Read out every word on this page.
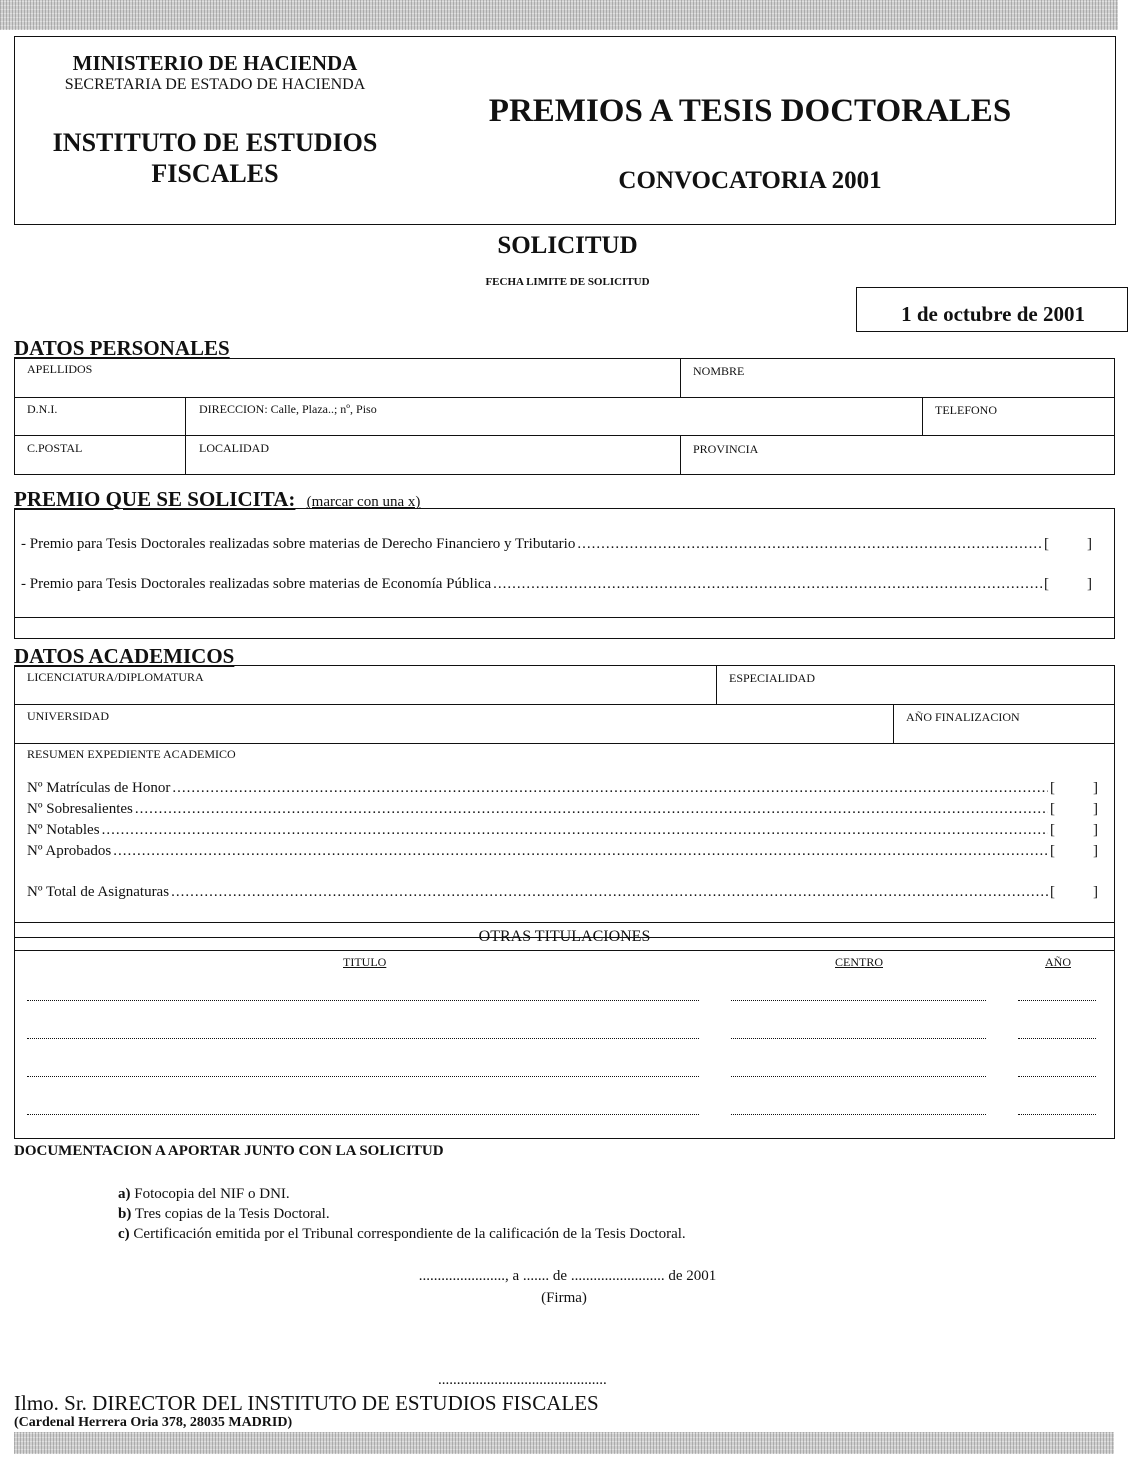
MINISTERIO DE HACIENDA
SECRETARIA DE ESTADO DE HACIENDA
INSTITUTO DE ESTUDIOS
FISCALES
PREMIOS A TESIS DOCTORALES
CONVOCATORIA 2001
SOLICITUD
FECHA LIMITE DE SOLICITUD
1 de octubre de 2001
DATOS PERSONALES
APELLIDOS	NOMBRE
D.N.I.	DIRECCION: Calle, Plaza..; nº, Piso	TELEFONO
C.POSTAL	LOCALIDAD	PROVINCIA
PREMIO QUE SE SOLICITA: (marcar con una x)
- Premio para Tesis Doctorales realizadas sobre materias de Derecho Financiero y Tributario .....	[	]
- Premio para Tesis Doctorales realizadas sobre materias de Economía Pública .....	[	]
DATOS ACADEMICOS
LICENCIATURA/DIPLOMATURA	ESPECIALIDAD
UNIVERSIDAD	AÑO FINALIZACION
RESUMEN EXPEDIENTE ACADEMICO
Nº Matrículas de Honor .....	[	]
Nº Sobresalientes .....	[	]
Nº Notables .....	[	]
Nº Aprobados .....	[	]
Nº Total de Asignaturas .....	[	]
OTRAS TITULACIONES
TITULO	CENTRO	AÑO
DOCUMENTACION A APORTAR JUNTO CON LA SOLICITUD
a) Fotocopia del NIF o DNI.
b) Tres copias de la Tesis Doctoral.
c) Certificación emitida por el Tribunal correspondiente de la calificación de la Tesis Doctoral.
......................., a ....... de ......................... de 2001
(Firma)
.............................................
Ilmo. Sr. DIRECTOR DEL INSTITUTO DE ESTUDIOS FISCALES
(Cardenal Herrera Oria 378, 28035 MADRID)
